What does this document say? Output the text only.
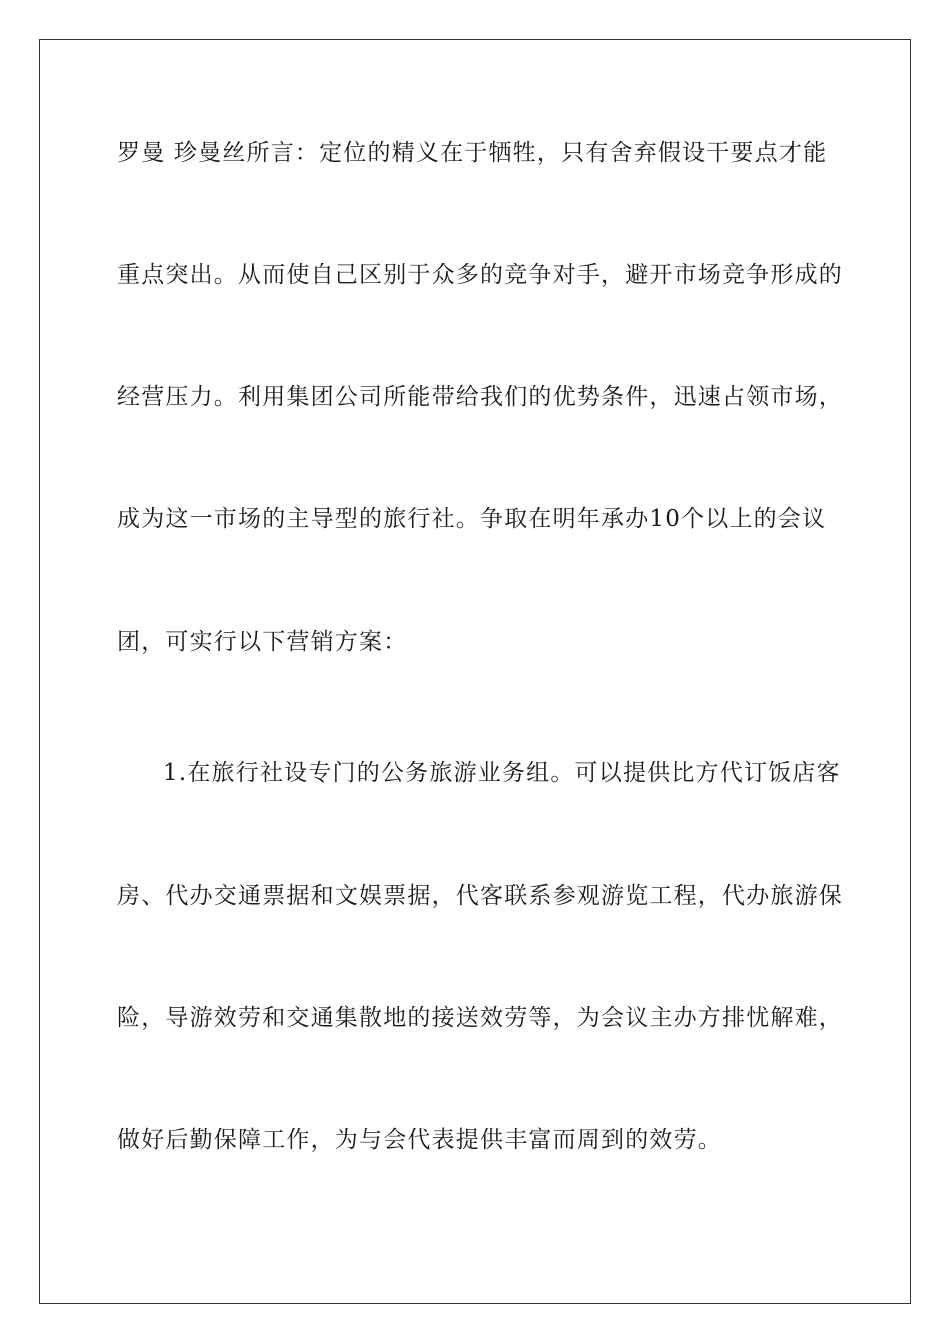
罗曼 珍曼丝所言：定位的精义在于牺牲，只有舍弃假设干要点才能
重点突出。从而使自己区别于众多的竞争对手，避开市场竞争形成的
经营压力。利用集团公司所能带给我们的优势条件，迅速占领市场，
成为这一市场的主导型的旅行社。争取在明年承办10个以上的会议
团，可实行以下营销方案：
1.在旅行社设专门的公务旅游业务组。可以提供比方代订饭店客
房、代办交通票据和文娱票据，代客联系参观游览工程，代办旅游保
险，导游效劳和交通集散地的接送效劳等，为会议主办方排忧解难，
做好后勤保障工作，为与会代表提供丰富而周到的效劳。
